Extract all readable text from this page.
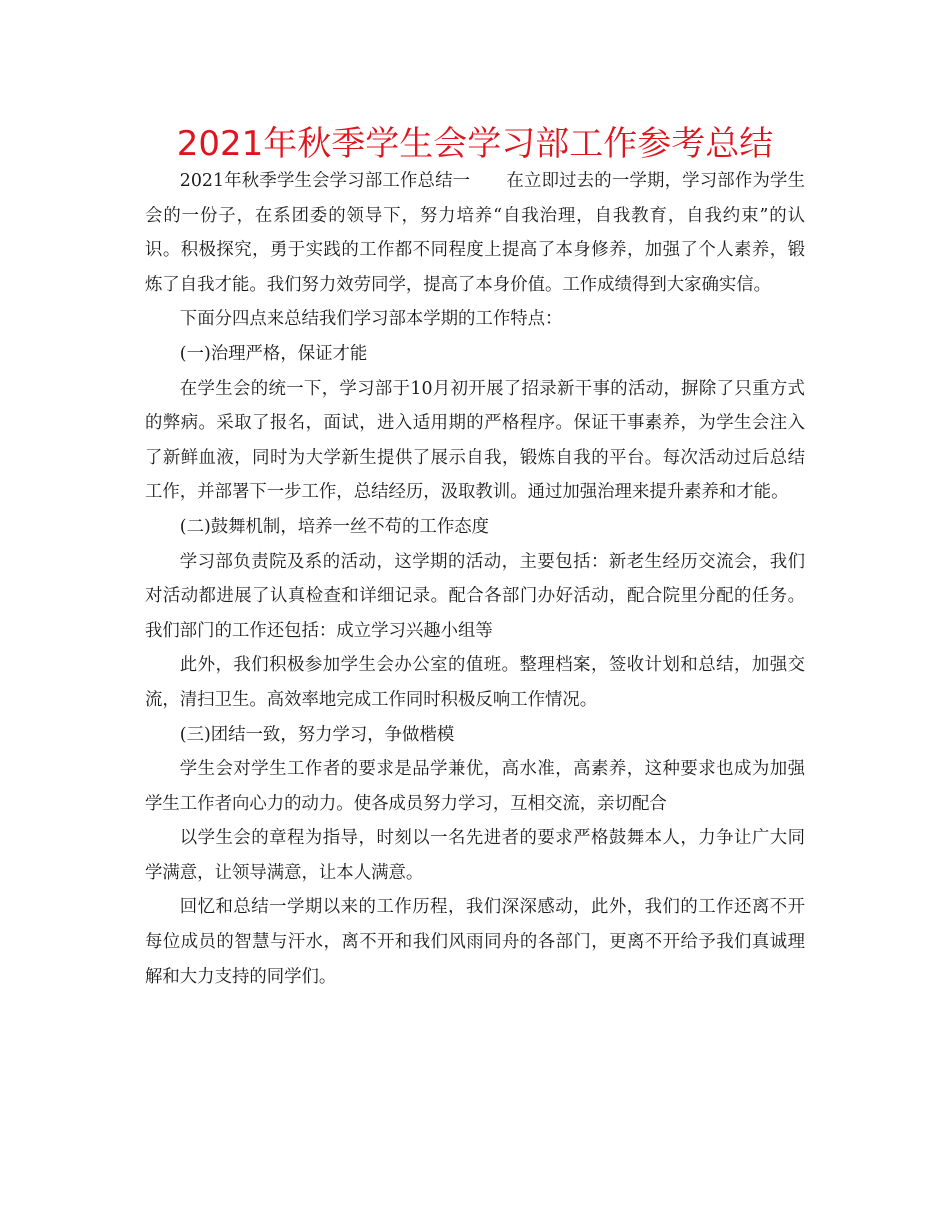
2021年秋季学生会学习部工作参考总结

2021年秋季学生会学习部工作总结一 在立即过去的一学期，学习部作为学生会的一份子，在系团委的领导下，努力培养“自我治理，自我教育，自我约束”的认识。积极探究，勇于实践的工作都不同程度上提高了本身修养，加强了个人素养，锻炼了自我才能。我们努力效劳同学，提高了本身价值。工作成绩得到大家确实信。

下面分四点来总结我们学习部本学期的工作特点：

(一)治理严格，保证才能

在学生会的统一下，学习部于10月初开展了招录新干事的活动，摒除了只重方式的弊病。采取了报名，面试，进入适用期的严格程序。保证干事素养，为学生会注入了新鲜血液，同时为大学新生提供了展示自我，锻炼自我的平台。每次活动过后总结工作，并部署下一步工作，总结经历，汲取教训。通过加强治理来提升素养和才能。

(二)鼓舞机制，培养一丝不苟的工作态度

学习部负责院及系的活动，这学期的活动，主要包括：新老生经历交流会，我们对活动都进展了认真检查和详细记录。配合各部门办好活动，配合院里分配的任务。我们部门的工作还包括：成立学习兴趣小组等

此外，我们积极参加学生会办公室的值班。整理档案，签收计划和总结，加强交流，清扫卫生。高效率地完成工作同时积极反响工作情况。

(三)团结一致，努力学习，争做楷模

学生会对学生工作者的要求是品学兼优，高水准，高素养，这种要求也成为加强学生工作者向心力的动力。使各成员努力学习，互相交流，亲切配合

以学生会的章程为指导，时刻以一名先进者的要求严格鼓舞本人，力争让广大同学满意，让领导满意，让本人满意。

回忆和总结一学期以来的工作历程，我们深深感动，此外，我们的工作还离不开每位成员的智慧与汗水，离不开和我们风雨同舟的各部门，更离不开给予我们真诚理解和大力支持的同学们。
